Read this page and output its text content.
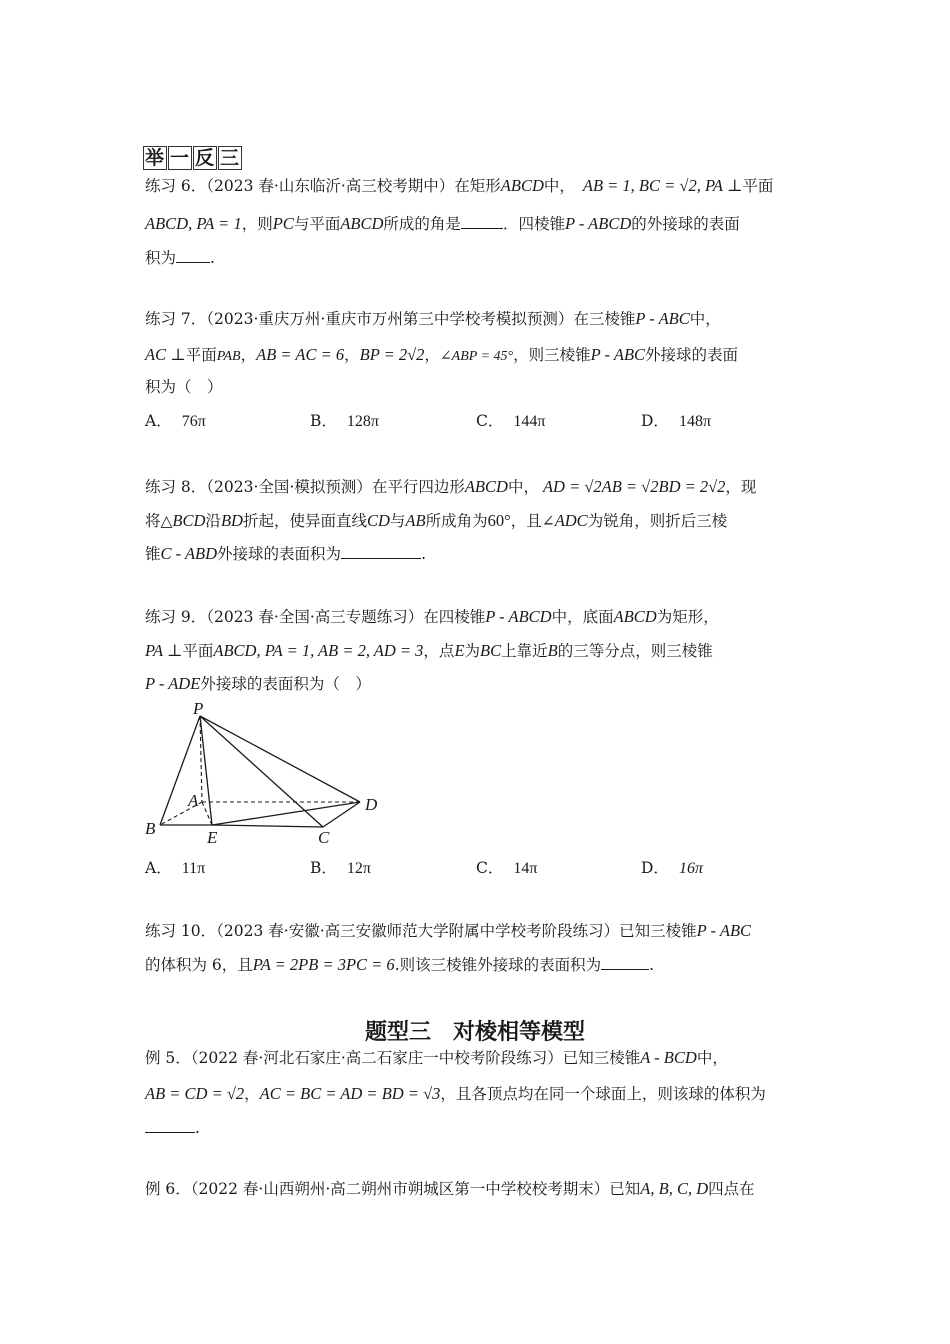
举 一 反 三
练习 6．（2023 春·山东临沂·高三校考期中）在矩形ABCD中， AB = 1, BC = √2, PA ⊥平面
ABCD, PA = 1，则PC与平面ABCD所成的角是	．四棱锥P - ABCD的外接球的表面
积为 .
练习 7．（2023·重庆万州·重庆市万州第三中学校考模拟预测）在三棱锥P - ABC中，
AC ⊥平面PAB，AB = AC = 6，BP = 2√2，∠ABP = 45°，则三棱锥P - ABC外接球的表面
积为（　）
A． 76π	B． 128π	C． 144π	D． 148π
练习 8．（2023·全国·模拟预测）在平行四边形ABCD中， AD = √2AB = √2BD = 2√2，现
将△BCD沿BD折起，使异面直线CD与AB所成角为60°，且∠ADC为锐角，则折后三棱
锥C - ABD外接球的表面积为	.
练习 9．（2023 春·全国·高三专题练习）在四棱锥P - ABCD中，底面ABCD为矩形，
PA ⊥平面ABCD, PA = 1, AB = 2, AD = 3，点E为BC上靠近B的三等分点，则三棱锥
P - ADE外接球的表面积为（　）
P
A
B	E	C
D
A． 11π	B． 12π	C． 14π	D． 16π
练习 10．（2023 春·安徽·高三安徽师范大学附属中学校考阶段练习）已知三棱锥P - ABC
的体积为 6，且PA = 2PB = 3PC = 6.则该三棱锥外接球的表面积为	.
题型三　对棱相等模型
例 5．（2022 春·河北石家庄·高二石家庄一中校考阶段练习）已知三棱锥A - BCD中，
AB = CD = √2，AC = BC = AD = BD = √3，且各顶点均在同一个球面上，则该球的体积为
.
例 6．（2022 春·山西朔州·高二朔州市朔城区第一中学校校考期末）已知A, B, C, D四点在
